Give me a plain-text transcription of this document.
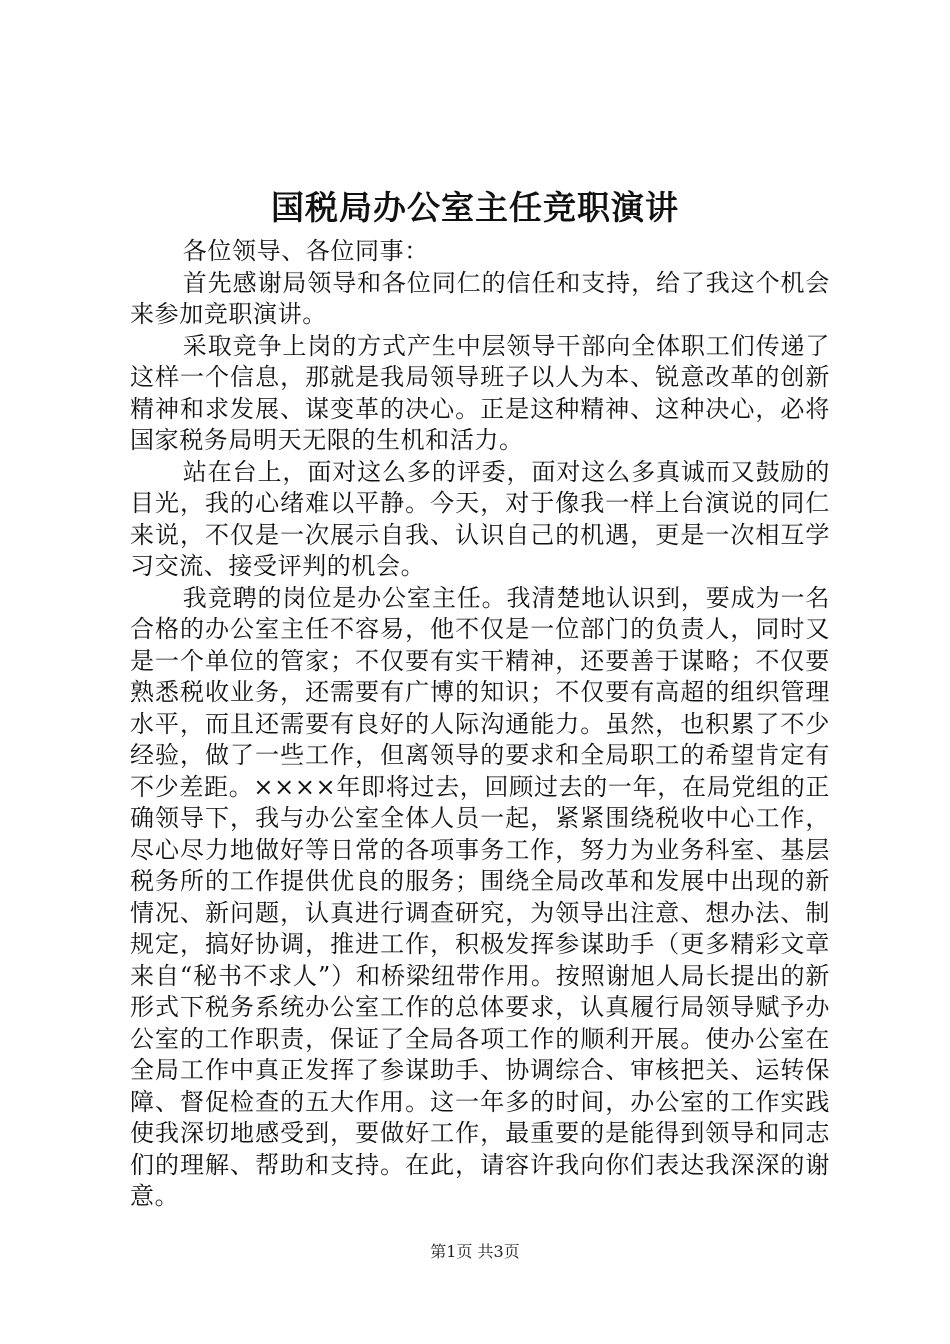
国税局办公室主任竞职演讲

各位领导、各位同事：

首先感谢局领导和各位同仁的信任和支持，给了我这个机会来参加竞职演讲。

采取竞争上岗的方式产生中层领导干部向全体职工们传递了这样一个信息，那就是我局领导班子以人为本、锐意改革的创新精神和求发展、谋变革的决心。正是这种精神、这种决心，必将国家税务局明天无限的生机和活力。

站在台上，面对这么多的评委，面对这么多真诚而又鼓励的目光，我的心绪难以平静。今天，对于像我一样上台演说的同仁来说，不仅是一次展示自我、认识自己的机遇，更是一次相互学习交流、接受评判的机会。

我竞聘的岗位是办公室主任。我清楚地认识到，要成为一名合格的办公室主任不容易，他不仅是一位部门的负责人，同时又是一个单位的管家；不仅要有实干精神，还要善于谋略；不仅要熟悉税收业务，还需要有广博的知识；不仅要有高超的组织管理水平，而且还需要有良好的人际沟通能力。虽然，也积累了不少经验，做了一些工作，但离领导的要求和全局职工的希望肯定有不少差距。××××年即将过去，回顾过去的一年，在局党组的正确领导下，我与办公室全体人员一起，紧紧围绕税收中心工作，尽心尽力地做好等日常的各项事务工作，努力为业务科室、基层税务所的工作提供优良的服务；围绕全局改革和发展中出现的新情况、新问题，认真进行调查研究，为领导出注意、想办法、制规定，搞好协调，推进工作，积极发挥参谋助手（更多精彩文章来自“秘书不求人”）和桥梁纽带作用。按照谢旭人局长提出的新形式下税务系统办公室工作的总体要求，认真履行局领导赋予办公室的工作职责，保证了全局各项工作的顺利开展。使办公室在全局工作中真正发挥了参谋助手、协调综合、审核把关、运转保障、督促检查的五大作用。这一年多的时间，办公室的工作实践使我深切地感受到，要做好工作，最重要的是能得到领导和同志们的理解、帮助和支持。在此，请容许我向你们表达我深深的谢意。

第1页 共3页
